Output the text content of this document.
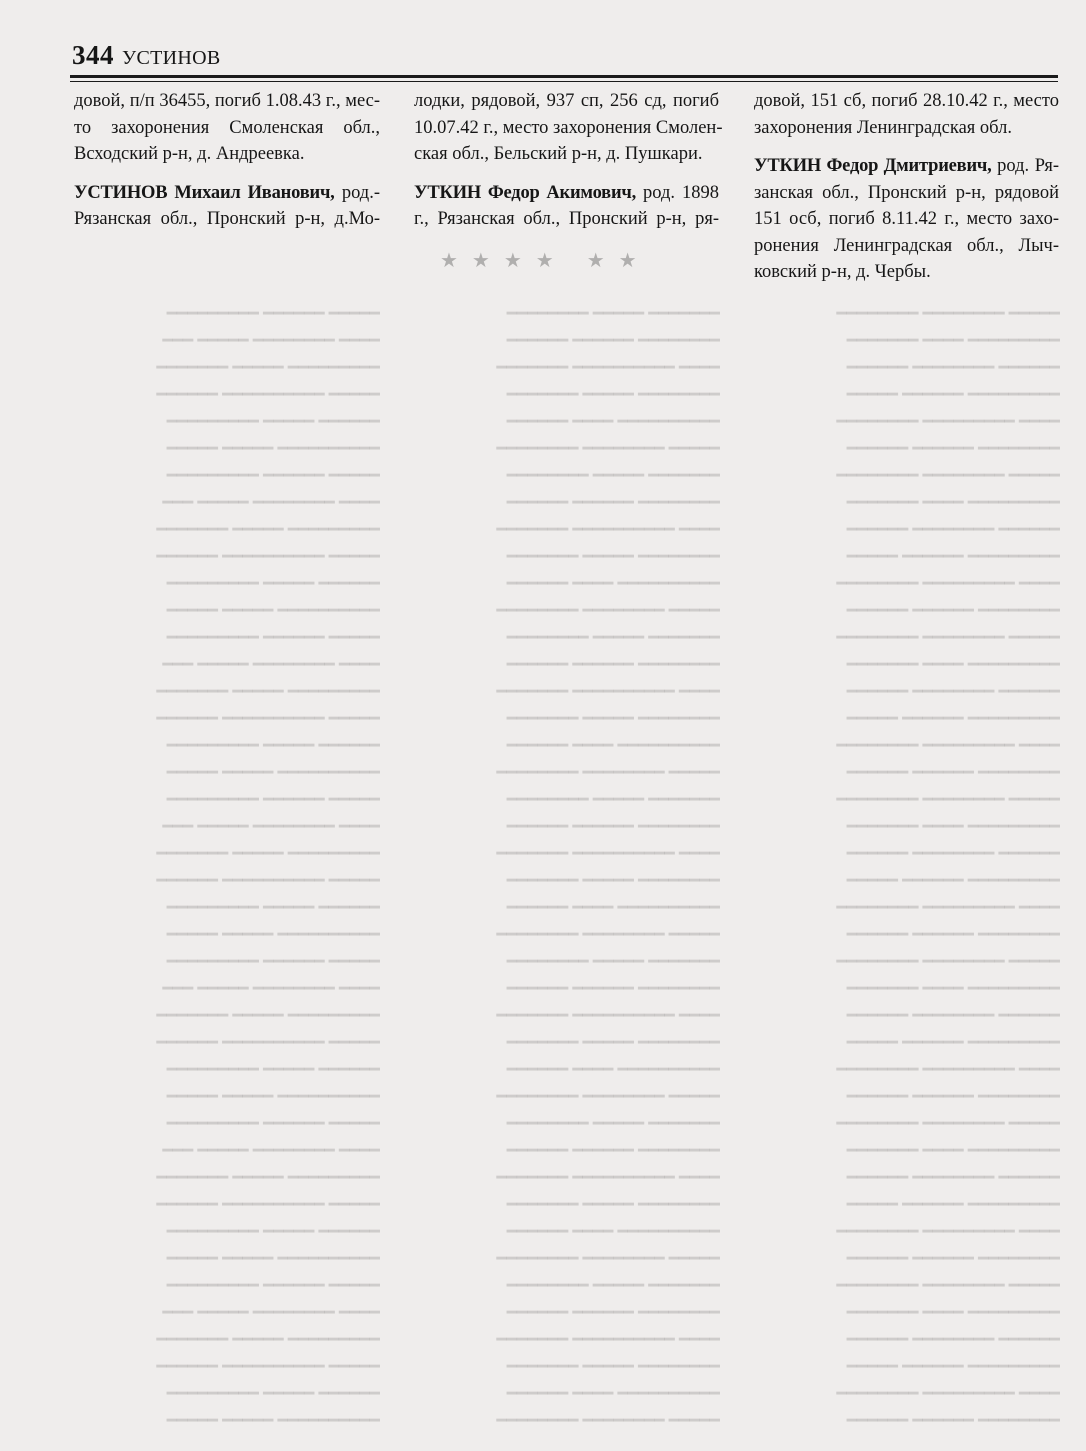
344 УСТИНОВ
━━━━━ ━━━━━━ ━━━━━━━━━
━━━━ ━━━━━━━━ ━━━━━ ━━━
━━━━━━━━━ ━━━━━ ━━━━━━━
━━━━━ ━━━━━━━━━━ ━━━━━━
━━━━━━ ━━━━━ ━━━━━━━━━
━━━━━━━━━━ ━━━━━ ━━━━━
━━━━━ ━━━━━━ ━━━━━━━━━
━━━━ ━━━━━━━━ ━━━━━ ━━━
━━━━━━━━━ ━━━━━ ━━━━━━━
━━━━━ ━━━━━━━━━━ ━━━━━━
━━━━━━ ━━━━━ ━━━━━━━━━
━━━━━━━━━━ ━━━━━ ━━━━━
━━━━━ ━━━━━━ ━━━━━━━━━
━━━━ ━━━━━━━━ ━━━━━ ━━━
━━━━━━━━━ ━━━━━ ━━━━━━━
━━━━━ ━━━━━━━━━━ ━━━━━━
━━━━━━ ━━━━━ ━━━━━━━━━
━━━━━━━━━━ ━━━━━ ━━━━━
━━━━━ ━━━━━━ ━━━━━━━━━
━━━━ ━━━━━━━━ ━━━━━ ━━━
━━━━━━━━━ ━━━━━ ━━━━━━━
━━━━━ ━━━━━━━━━━ ━━━━━━
━━━━━━ ━━━━━ ━━━━━━━━━
━━━━━━━━━━ ━━━━━ ━━━━━
━━━━━ ━━━━━━ ━━━━━━━━━
━━━━ ━━━━━━━━ ━━━━━ ━━━
━━━━━━━━━ ━━━━━ ━━━━━━━
━━━━━ ━━━━━━━━━━ ━━━━━━
━━━━━━ ━━━━━ ━━━━━━━━━
━━━━━━━━━━ ━━━━━ ━━━━━
━━━━━ ━━━━━━ ━━━━━━━━━
━━━━ ━━━━━━━━ ━━━━━ ━━━
━━━━━━━━━ ━━━━━ ━━━━━━━
━━━━━ ━━━━━━━━━━ ━━━━━━
━━━━━━ ━━━━━ ━━━━━━━━━
━━━━━━━━━━ ━━━━━ ━━━━━
━━━━━ ━━━━━━ ━━━━━━━━━
━━━━ ━━━━━━━━ ━━━━━ ━━━
━━━━━━━━━ ━━━━━ ━━━━━━━
━━━━━ ━━━━━━━━━━ ━━━━━━
━━━━━━ ━━━━━ ━━━━━━━━━
━━━━━━━━━━ ━━━━━ ━━━━━
━━━━━━━ ━━━━━ ━━━━━━━━
━━━━━━━━ ━━━━━━ ━━━━━━
━━━━ ━━━━━━━━━━ ━━━━━━━
━━━━━━━━ ━━━━━ ━━━━━━━
━━━━━━━━━━ ━━━━ ━━━━━━
━━━━━ ━━━━━━━━ ━━━━━━━━
━━━━━━━ ━━━━━ ━━━━━━━━
━━━━━━━━ ━━━━━━ ━━━━━━
━━━━ ━━━━━━━━━━ ━━━━━━━
━━━━━━━━ ━━━━━ ━━━━━━━
━━━━━━━━━━ ━━━━ ━━━━━━
━━━━━ ━━━━━━━━ ━━━━━━━━
━━━━━━━ ━━━━━ ━━━━━━━━
━━━━━━━━ ━━━━━━ ━━━━━━
━━━━ ━━━━━━━━━━ ━━━━━━━
━━━━━━━━ ━━━━━ ━━━━━━━
━━━━━━━━━━ ━━━━ ━━━━━━
━━━━━ ━━━━━━━━ ━━━━━━━━
━━━━━━━ ━━━━━ ━━━━━━━━
━━━━━━━━ ━━━━━━ ━━━━━━
━━━━ ━━━━━━━━━━ ━━━━━━━
━━━━━━━━ ━━━━━ ━━━━━━━
━━━━━━━━━━ ━━━━ ━━━━━━
━━━━━ ━━━━━━━━ ━━━━━━━━
━━━━━━━ ━━━━━ ━━━━━━━━
━━━━━━━━ ━━━━━━ ━━━━━━
━━━━ ━━━━━━━━━━ ━━━━━━━
━━━━━━━━ ━━━━━ ━━━━━━━
━━━━━━━━━━ ━━━━ ━━━━━━
━━━━━ ━━━━━━━━ ━━━━━━━━
━━━━━━━ ━━━━━ ━━━━━━━━
━━━━━━━━ ━━━━━━ ━━━━━━
━━━━ ━━━━━━━━━━ ━━━━━━━
━━━━━━━━ ━━━━━ ━━━━━━━
━━━━━━━━━━ ━━━━ ━━━━━━
━━━━━ ━━━━━━━━ ━━━━━━━━
━━━━━━━ ━━━━━ ━━━━━━━━
━━━━━━━━ ━━━━━━ ━━━━━━
━━━━ ━━━━━━━━━━ ━━━━━━━
━━━━━━━━ ━━━━━ ━━━━━━━
━━━━━━━━━━ ━━━━ ━━━━━━
━━━━━ ━━━━━━━━ ━━━━━━━━
━━━━━ ━━━━━━━━ ━━━━━━━━
━━━━━━━━━ ━━━━ ━━━━━━━
━━━━━━ ━━━━━━━━ ━━━━━━
━━━━━━━━━ ━━━━━━ ━━━━━
━━━━ ━━━━━━━━━ ━━━━━━━━
━━━━━━━━ ━━━━━━ ━━━━━━
━━━━━ ━━━━━━━━ ━━━━━━━━
━━━━━━━━━ ━━━━ ━━━━━━━
━━━━━━ ━━━━━━━━ ━━━━━━
━━━━━━━━━ ━━━━━━ ━━━━━
━━━━ ━━━━━━━━━ ━━━━━━━━
━━━━━━━━ ━━━━━━ ━━━━━━
━━━━━ ━━━━━━━━ ━━━━━━━━
━━━━━━━━━ ━━━━ ━━━━━━━
━━━━━━ ━━━━━━━━ ━━━━━━
━━━━━━━━━ ━━━━━━ ━━━━━
━━━━ ━━━━━━━━━ ━━━━━━━━
━━━━━━━━ ━━━━━━ ━━━━━━
━━━━━ ━━━━━━━━ ━━━━━━━━
━━━━━━━━━ ━━━━ ━━━━━━━
━━━━━━ ━━━━━━━━ ━━━━━━
━━━━━━━━━ ━━━━━━ ━━━━━
━━━━ ━━━━━━━━━ ━━━━━━━━
━━━━━━━━ ━━━━━━ ━━━━━━
━━━━━ ━━━━━━━━ ━━━━━━━━
━━━━━━━━━ ━━━━ ━━━━━━━
━━━━━━ ━━━━━━━━ ━━━━━━
━━━━━━━━━ ━━━━━━ ━━━━━
━━━━ ━━━━━━━━━ ━━━━━━━━
━━━━━━━━ ━━━━━━ ━━━━━━
━━━━━ ━━━━━━━━ ━━━━━━━━
━━━━━━━━━ ━━━━ ━━━━━━━
━━━━━━ ━━━━━━━━ ━━━━━━
━━━━━━━━━ ━━━━━━ ━━━━━
━━━━ ━━━━━━━━━ ━━━━━━━━
━━━━━━━━ ━━━━━━ ━━━━━━
━━━━━ ━━━━━━━━ ━━━━━━━━
━━━━━━━━━ ━━━━ ━━━━━━━
━━━━━━ ━━━━━━━━ ━━━━━━
━━━━━━━━━ ━━━━━━ ━━━━━
━━━━ ━━━━━━━━━ ━━━━━━━━
━━━━━━━━ ━━━━━━ ━━━━━━
★★★★ ★★

довой, п/п 36455, погиб 1.08.43 г., мес-
то захоронения Смоленская обл.,
Всходский р-н, д. Андреевка.

УСТИНОВ Михаил Иванович, род.-
Рязанская обл., Пронский р-н, д.Мо-

лодки, рядовой, 937 сп, 256 сд, погиб
10.07.42 г., место захоронения Смолен-
ская обл., Бельский р-н, д. Пушкари.

УТКИН Федор Акимович, род. 1898
г., Рязанская обл., Пронский р-н, ря-

довой, 151 сб, погиб 28.10.42 г., место
захоронения Ленинградская обл.

УТКИН Федор Дмитриевич, род. Ря-
занская обл., Пронский р-н, рядовой
151 осб, погиб 8.11.42 г., место захо-
ронения Ленинградская обл., Лыч-
ковский р-н, д. Чербы.
